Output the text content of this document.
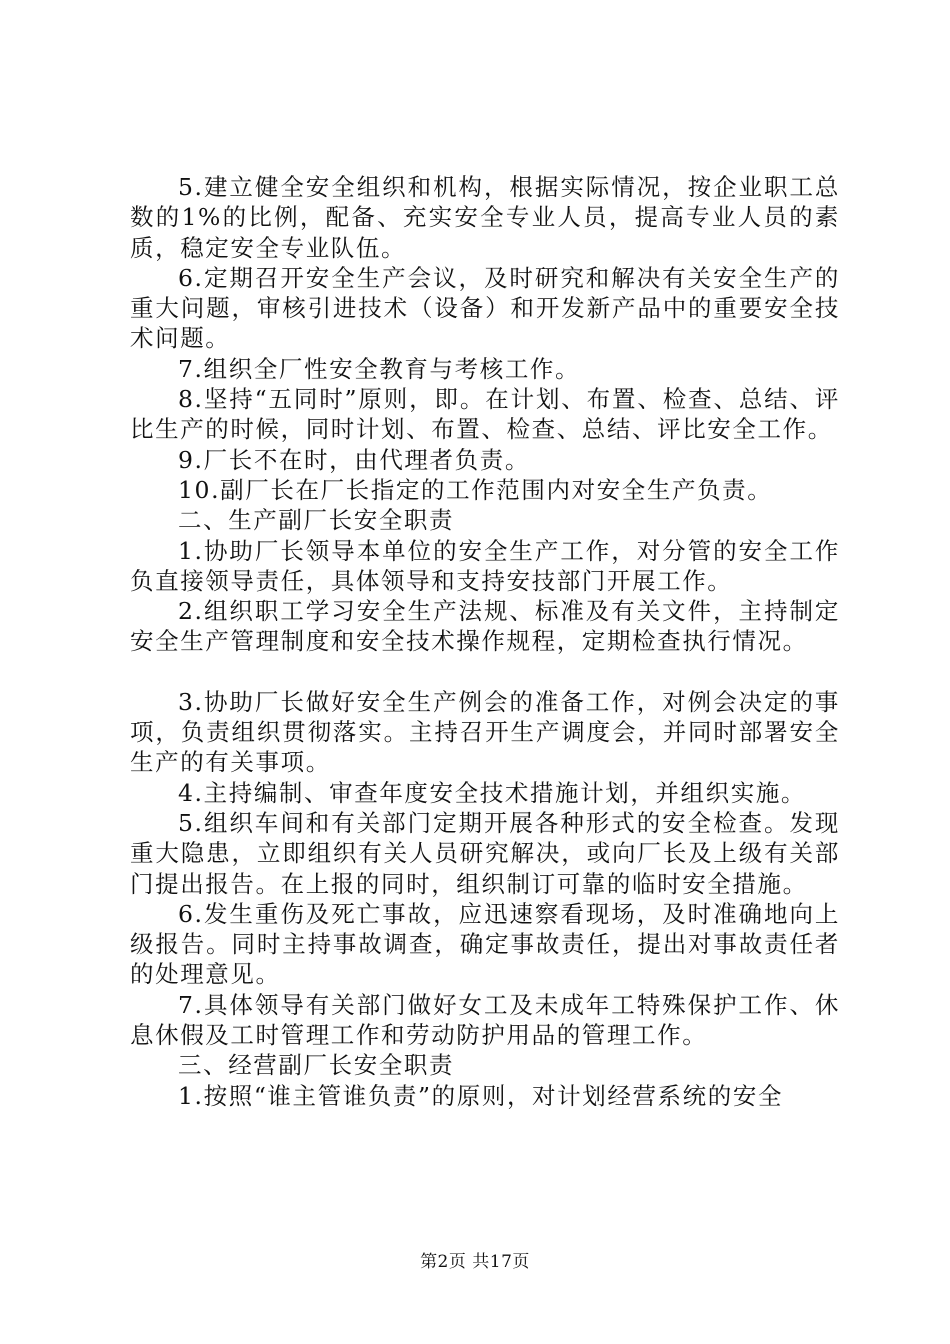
5.建立健全安全组织和机构，根据实际情况，按企业职工总数的1%的比例，配备、充实安全专业人员，提高专业人员的素质，稳定安全专业队伍。

6.定期召开安全生产会议，及时研究和解决有关安全生产的重大问题，审核引进技术（设备）和开发新产品中的重要安全技术问题。

7.组织全厂性安全教育与考核工作。

8.坚持“五同时”原则，即。在计划、布置、检查、总结、评比生产的时候，同时计划、布置、检查、总结、评比安全工作。

9.厂长不在时，由代理者负责。

10.副厂长在厂长指定的工作范围内对安全生产负责。

二、生产副厂长安全职责

1.协助厂长领导本单位的安全生产工作，对分管的安全工作负直接领导责任，具体领导和支持安技部门开展工作。

2.组织职工学习安全生产法规、标准及有关文件，主持制定安全生产管理制度和安全技术操作规程，定期检查执行情况。

3.协助厂长做好安全生产例会的准备工作，对例会决定的事项，负责组织贯彻落实。主持召开生产调度会，并同时部署安全生产的有关事项。

4.主持编制、审查年度安全技术措施计划，并组织实施。

5.组织车间和有关部门定期开展各种形式的安全检查。发现重大隐患，立即组织有关人员研究解决，或向厂长及上级有关部门提出报告。在上报的同时，组织制订可靠的临时安全措施。

6.发生重伤及死亡事故，应迅速察看现场，及时准确地向上级报告。同时主持事故调查，确定事故责任，提出对事故责任者的处理意见。

7.具体领导有关部门做好女工及未成年工特殊保护工作、休息休假及工时管理工作和劳动防护用品的管理工作。

三、经营副厂长安全职责

1.按照“谁主管谁负责”的原则，对计划经营系统的安全

第2页 共17页
